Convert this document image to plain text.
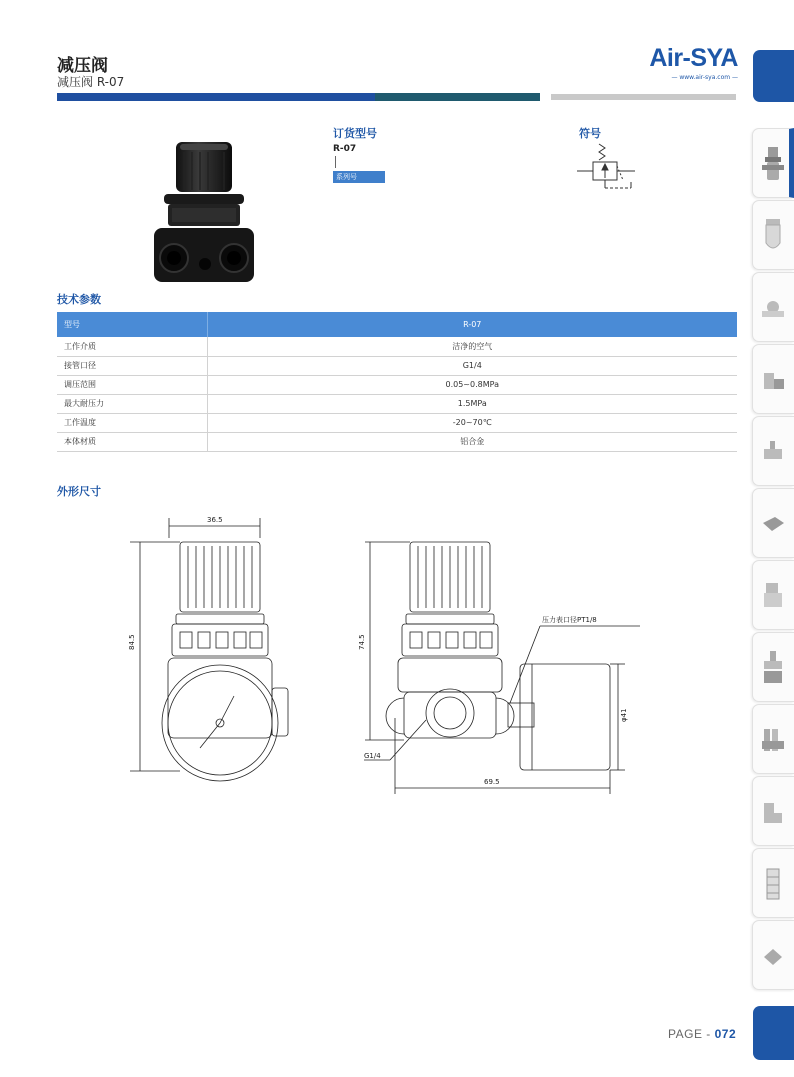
减压阀
减压阀 R-07
Air-SYA
— www.air-sya.com —
订货型号
R-07
系列号
符号
技术参数
型号	R-07
工作介质	洁净的空气
接管口径	G1/4
调压范围	0.05~0.8MPa
最大耐压力	1.5MPa
工作温度	-20~70℃
本体材质	铝合金
外形尺寸
36.5
84.5	74.5
压力表口径PT1/8
φ41
G1/4
69.5
PAGE - 072
